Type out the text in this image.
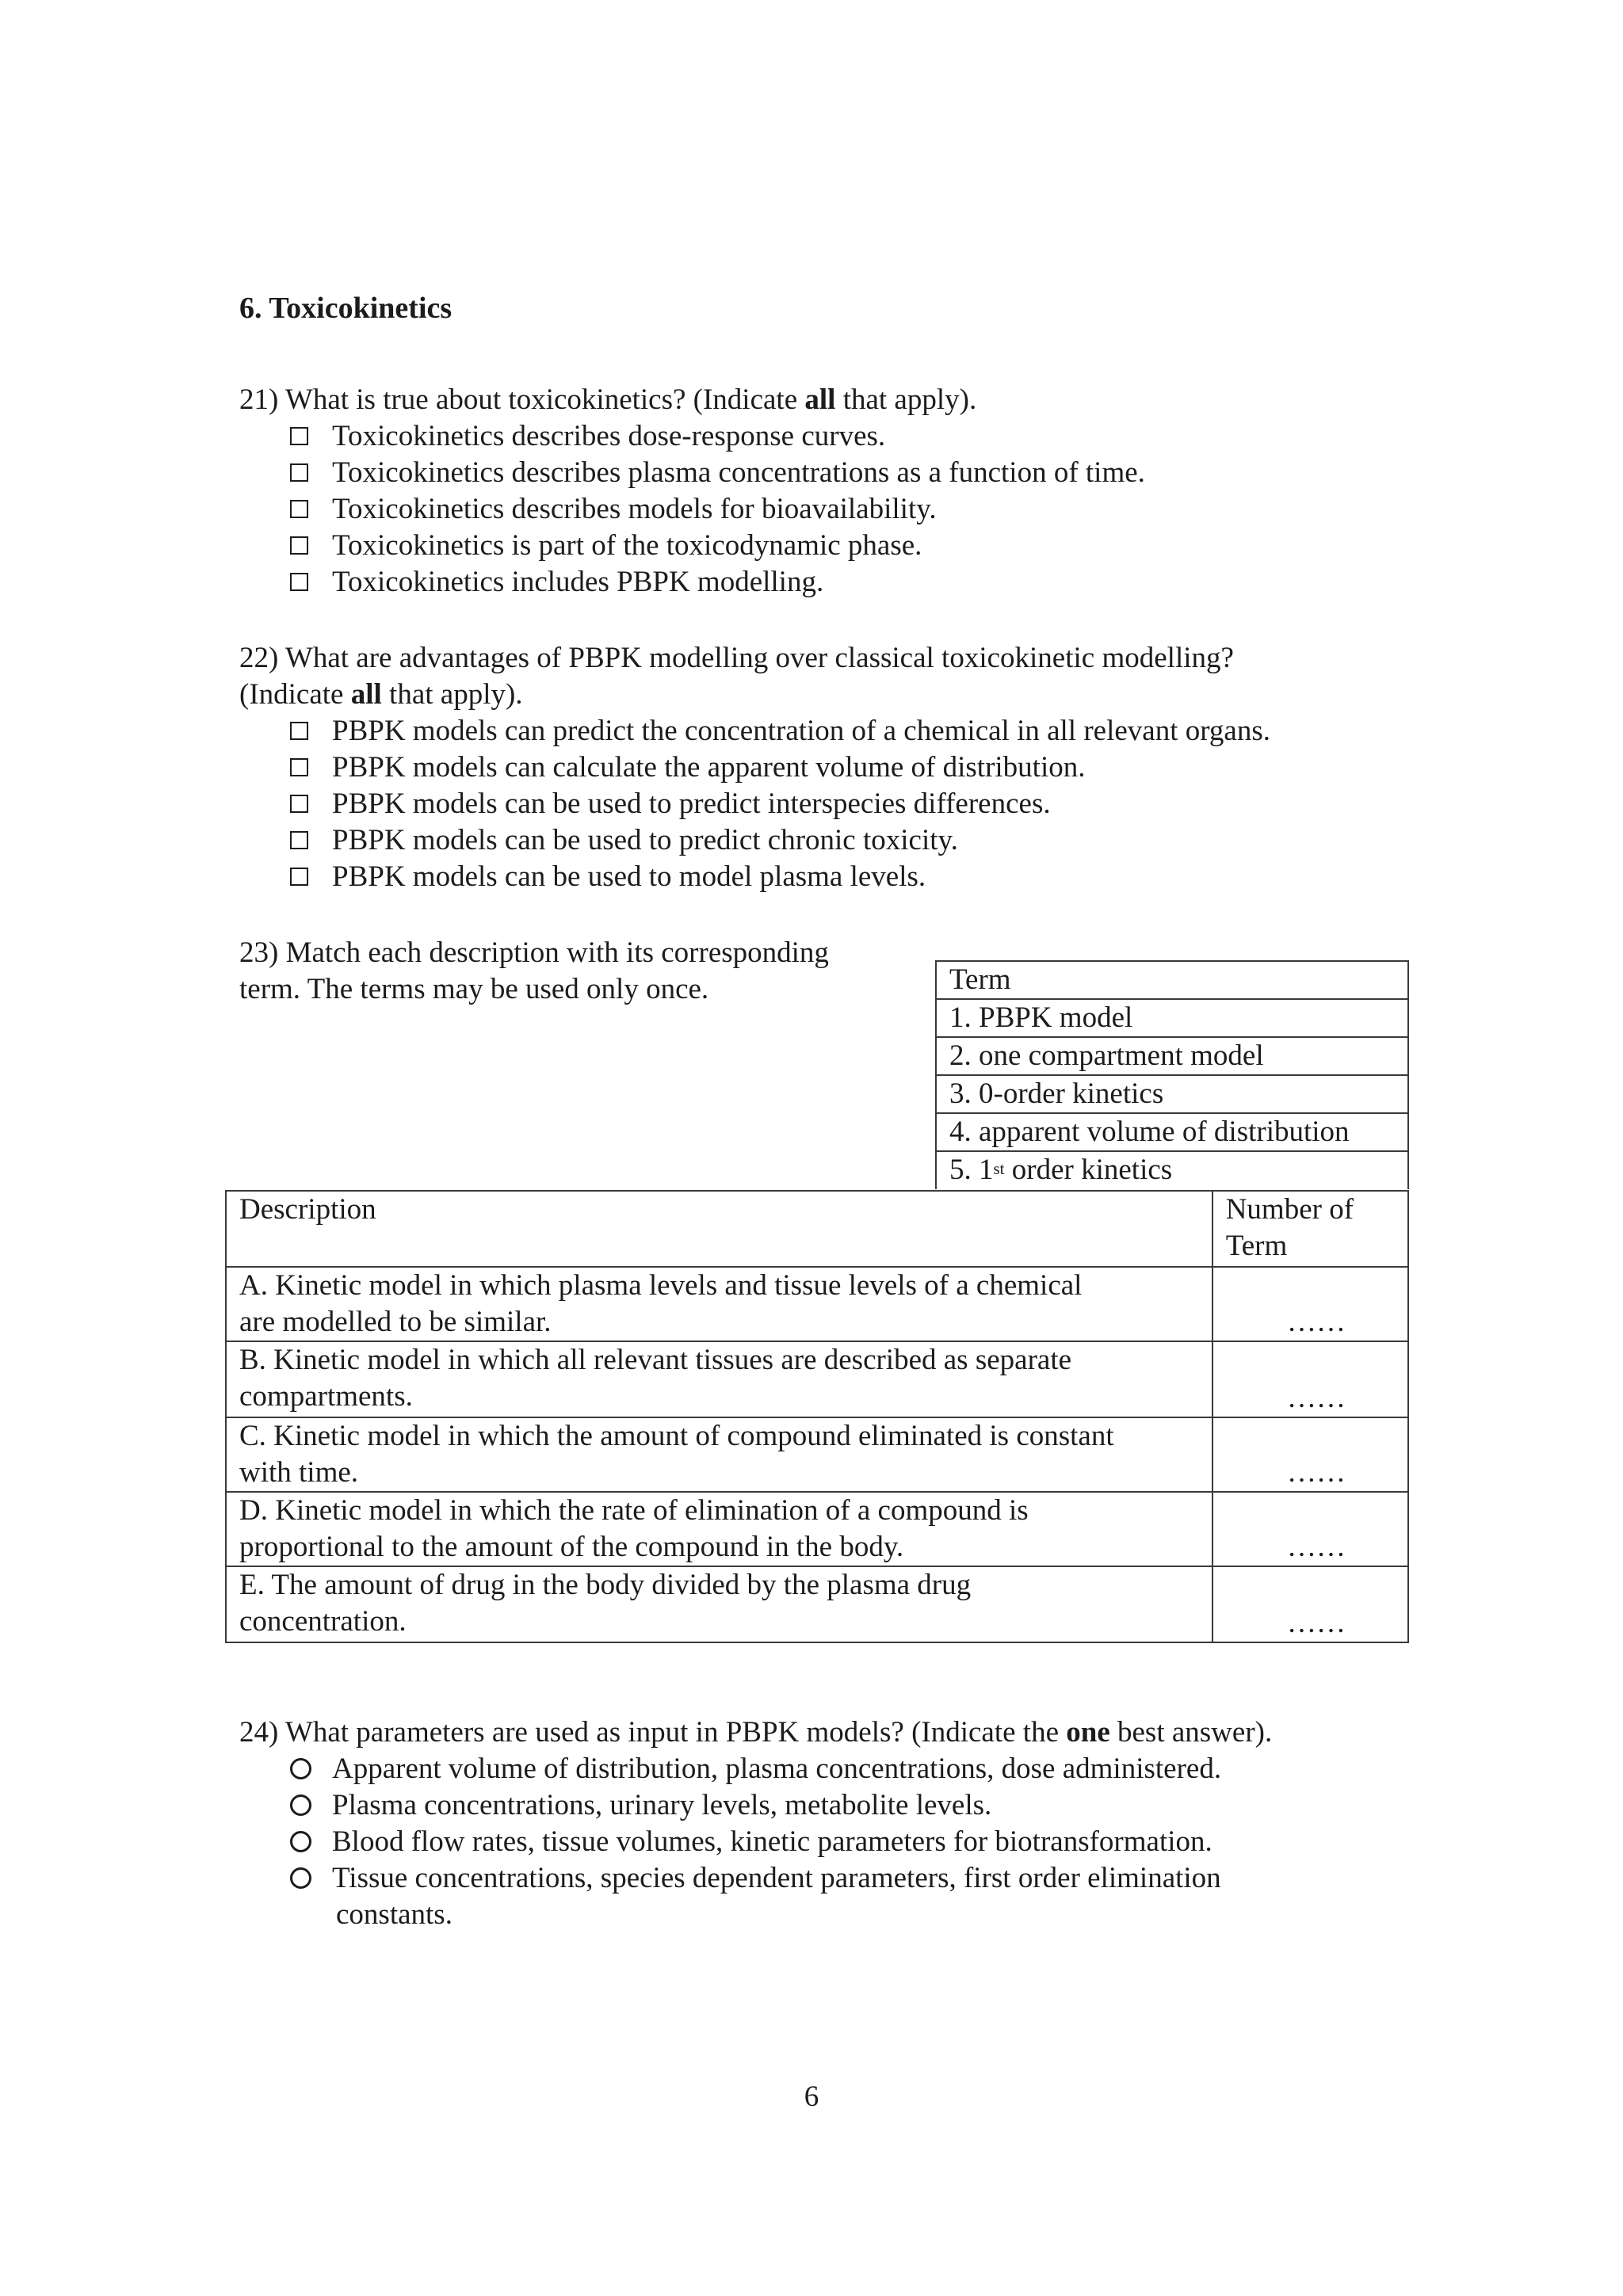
6. Toxicokinetics
21) What is true about toxicokinetics? (Indicate all that apply).
Toxicokinetics describes dose-response curves.
Toxicokinetics describes plasma concentrations as a function of time.
Toxicokinetics describes models for bioavailability.
Toxicokinetics is part of the toxicodynamic phase.
Toxicokinetics includes PBPK modelling.
22) What are advantages of PBPK modelling over classical toxicokinetic modelling?
(Indicate all that apply).
PBPK models can predict the concentration of a chemical in all relevant organs.
PBPK models can calculate the apparent volume of distribution.
PBPK models can be used to predict interspecies differences.
PBPK models can be used to predict chronic toxicity.
PBPK models can be used to model plasma levels.
23) Match each description with its corresponding
term. The terms may be used only once.	Term
1. PBPK model
2. one compartment model
3. 0-order kinetics
4. apparent volume of distribution
5. 1st order kinetics
Description	Number of
Term
A. Kinetic model in which plasma levels and tissue levels of a chemical
are modelled to be similar.	……
B. Kinetic model in which all relevant tissues are described as separate
compartments.	……
C. Kinetic model in which the amount of compound eliminated is constant
with time.	……
D. Kinetic model in which the rate of elimination of a compound is
proportional to the amount of the compound in the body.	……
E. The amount of drug in the body divided by the plasma drug
concentration.	……
24) What parameters are used as input in PBPK models? (Indicate the one best answer).
Apparent volume of distribution, plasma concentrations, dose administered.
Plasma concentrations, urinary levels, metabolite levels.
Blood flow rates, tissue volumes, kinetic parameters for biotransformation.
Tissue concentrations, species dependent parameters, first order elimination
constants.
6
